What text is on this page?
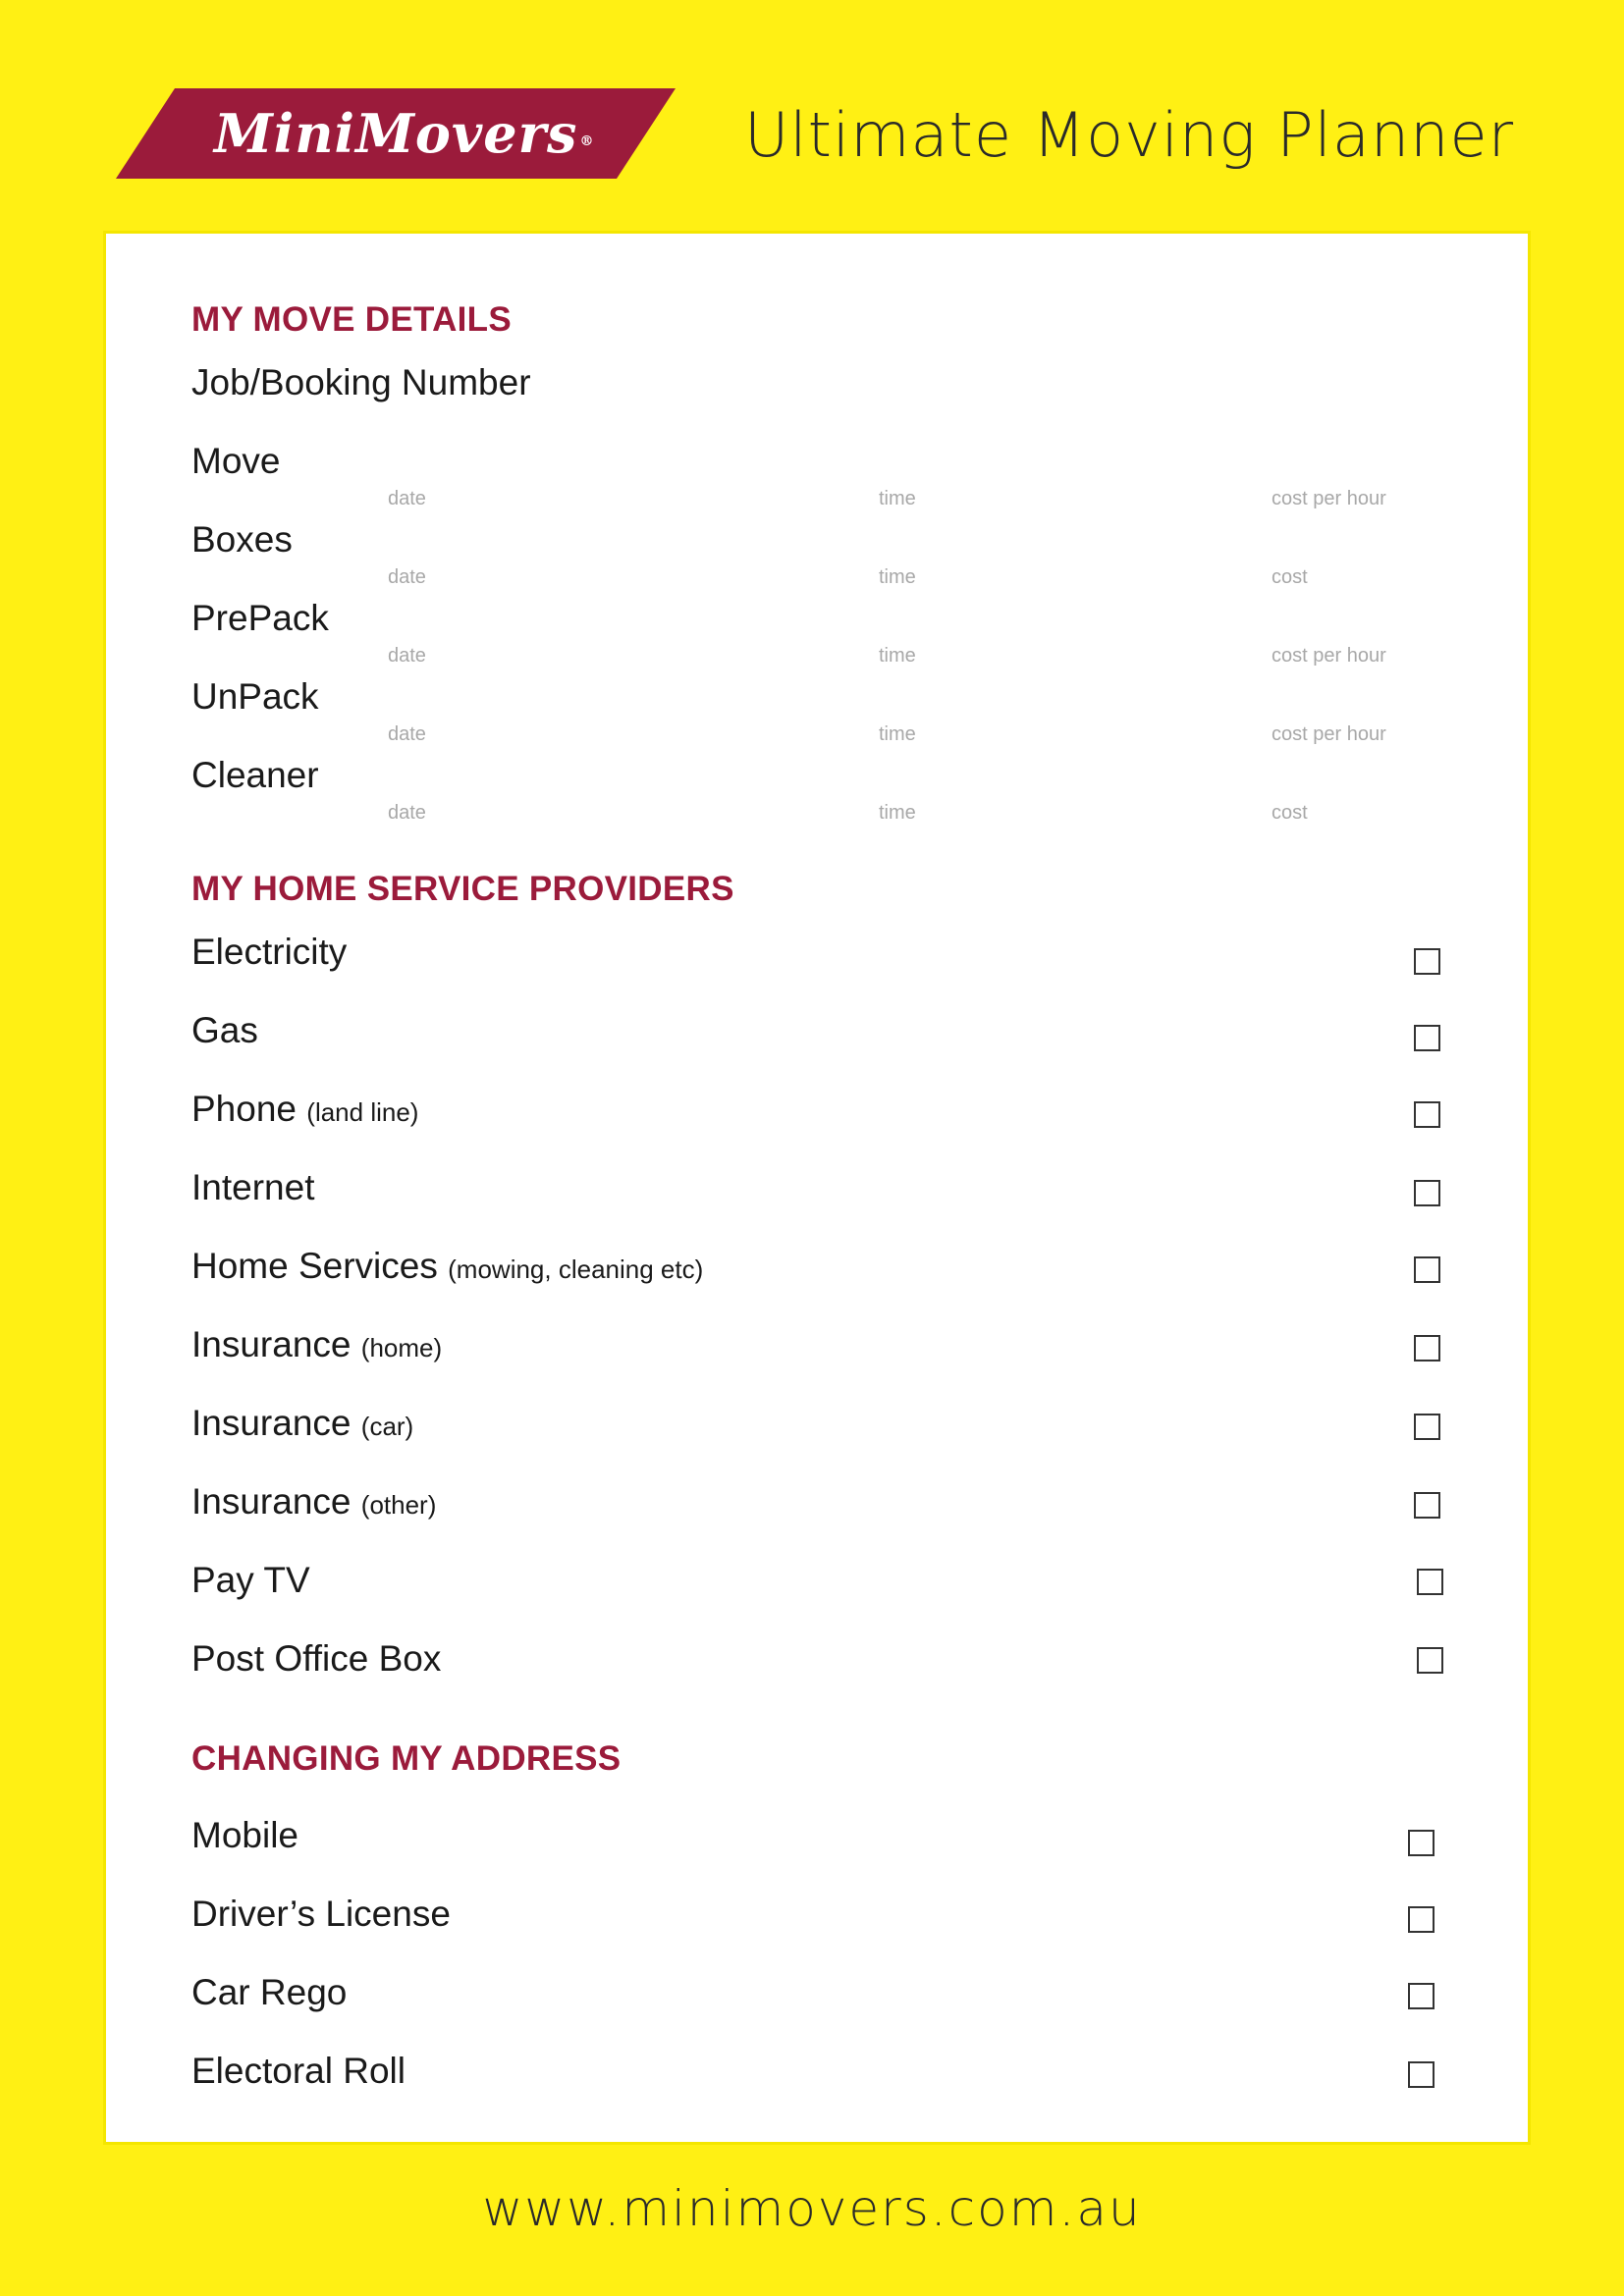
MiniMovers ®	Ultimate Moving Planner
MY MOVE DETAILS
Job/Booking Number
Move
date	time	cost per hour
Boxes
date	time	cost
PrePack
date	time	cost per hour
UnPack
date	time	cost per hour
Cleaner
date	time	cost
MY HOME SERVICE PROVIDERS
Electricity
Gas
Phone (land line)
Internet
Home Services (mowing, cleaning etc)
Insurance (home)
Insurance (car)
Insurance (other)
Pay TV
Post Office Box
CHANGING MY ADDRESS
Mobile
Driver’s License
Car Rego
Electoral Roll
www.minimovers.com.au
